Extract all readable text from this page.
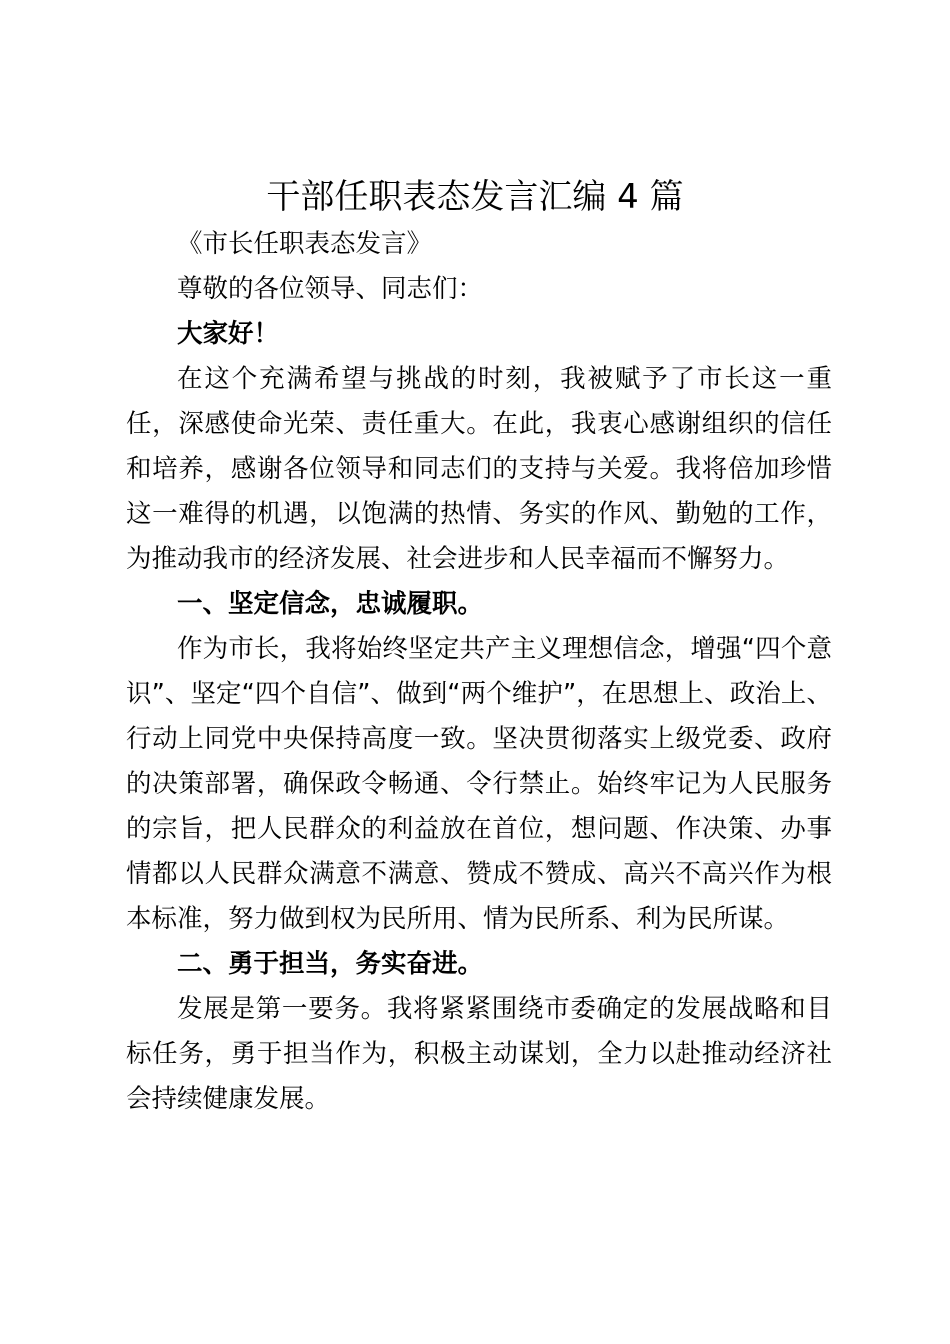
干部任职表态发言汇编 4 篇

《市长任职表态发言》

尊敬的各位领导、同志们：

大家好！

在这个充满希望与挑战的时刻，我被赋予了市长这一重任，深感使命光荣、责任重大。在此，我衷心感谢组织的信任和培养，感谢各位领导和同志们的支持与关爱。我将倍加珍惜这一难得的机遇，以饱满的热情、务实的作风、勤勉的工作，为推动我市的经济发展、社会进步和人民幸福而不懈努力。

一、坚定信念，忠诚履职。

作为市长，我将始终坚定共产主义理想信念，增强“四个意识”、坚定“四个自信”、做到“两个维护”，在思想上、政治上、行动上同党中央保持高度一致。坚决贯彻落实上级党委、政府的决策部署，确保政令畅通、令行禁止。始终牢记为人民服务的宗旨，把人民群众的利益放在首位，想问题、作决策、办事情都以人民群众满意不满意、赞成不赞成、高兴不高兴作为根本标准，努力做到权为民所用、情为民所系、利为民所谋。

二、勇于担当，务实奋进。

发展是第一要务。我将紧紧围绕市委确定的发展战略和目标任务，勇于担当作为，积极主动谋划，全力以赴推动经济社会持续健康发展。
